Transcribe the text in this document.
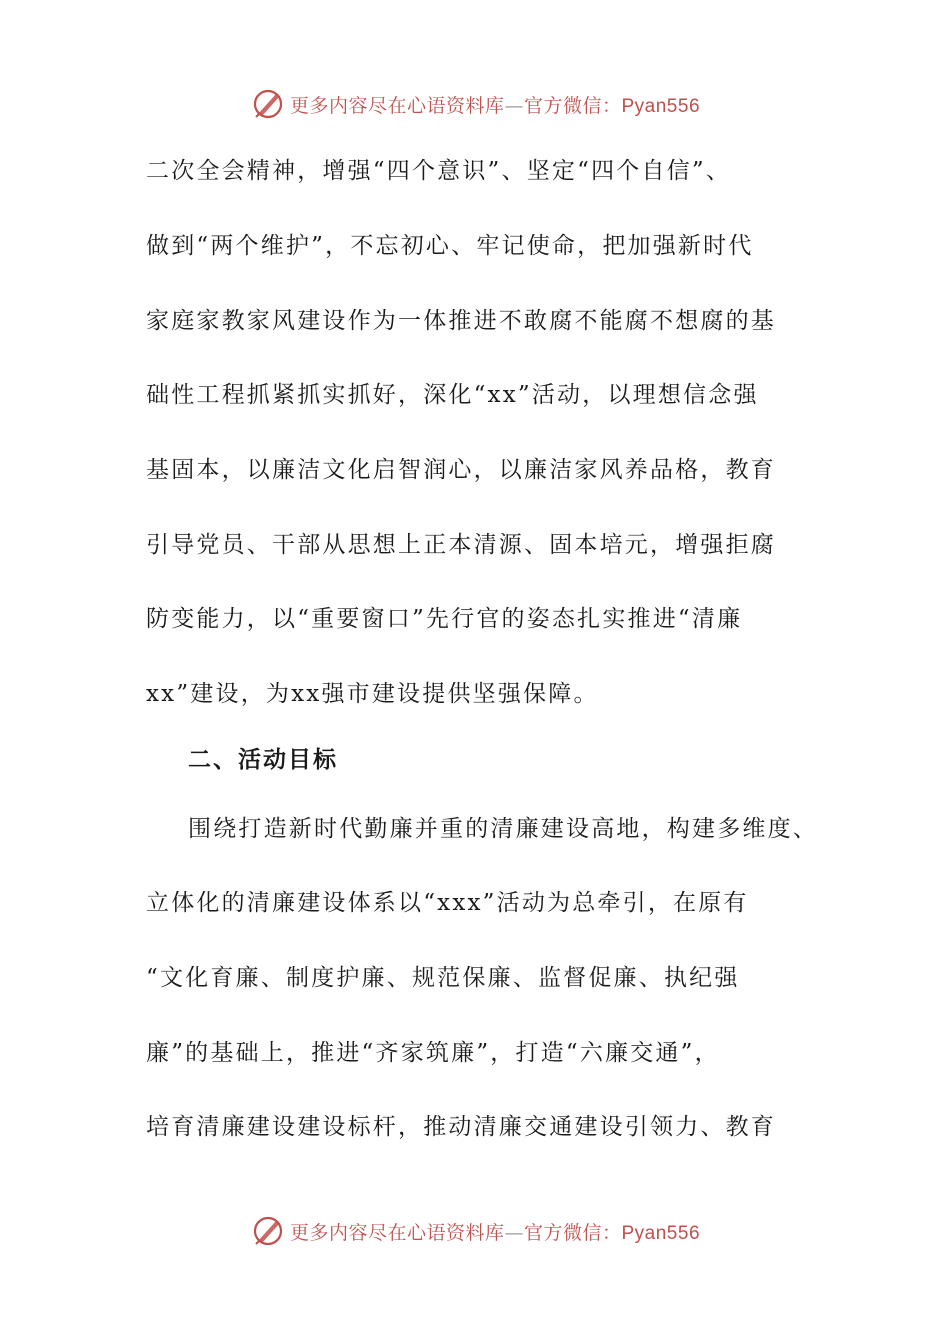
更多内容尽在心语资料库—官方微信：Pyan556
二次全会精神，增强“四个意识”、坚定“四个自信”、
做到“两个维护”，不忘初心、牢记使命，把加强新时代
家庭家教家风建设作为一体推进不敢腐不能腐不想腐的基
础性工程抓紧抓实抓好，深化“xx”活动，以理想信念强
基固本，以廉洁文化启智润心，以廉洁家风养品格，教育
引导党员、干部从思想上正本清源、固本培元，增强拒腐
防变能力，以“重要窗口”先行官的姿态扎实推进“清廉
xx”建设，为xx强市建设提供坚强保障。
二、活动目标
围绕打造新时代勤廉并重的清廉建设高地，构建多维度、
立体化的清廉建设体系以“xxx”活动为总牵引，在原有
“文化育廉、制度护廉、规范保廉、监督促廉、执纪强
廉”的基础上，推进“齐家筑廉”，打造“六廉交通”，
培育清廉建设建设标杆，推动清廉交通建设引领力、教育
更多内容尽在心语资料库—官方微信：Pyan556
